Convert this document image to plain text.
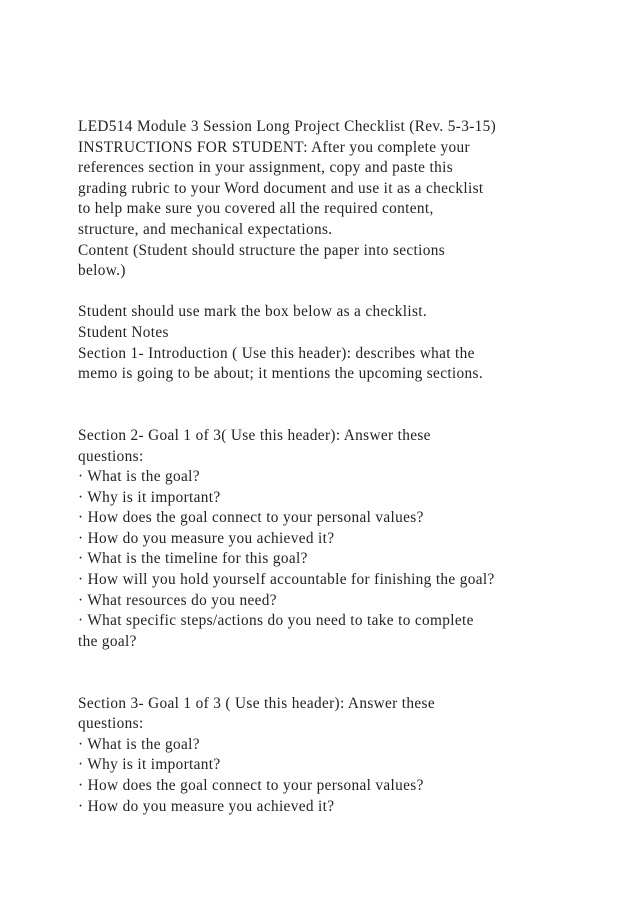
LED514 Module 3 Session Long Project Checklist (Rev. 5-3-15)
INSTRUCTIONS FOR STUDENT: After you complete your
references section in your assignment, copy and paste this
grading rubric to your Word document and use it as a checklist
to help make sure you covered all the required content,
structure, and mechanical expectations.
Content (Student should structure the paper into sections
below.)
Student should use mark the box below as a checklist.
Student Notes
Section 1- Introduction ( Use this header): describes what the
memo is going to be about; it mentions the upcoming sections.
Section 2- Goal 1 of 3( Use this header): Answer these
questions:
· What is the goal?
· Why is it important?
· How does the goal connect to your personal values?
· How do you measure you achieved it?
· What is the timeline for this goal?
· How will you hold yourself accountable for finishing the goal?
· What resources do you need?
· What specific steps/actions do you need to take to complete
the goal?
Section 3- Goal 1 of 3 ( Use this header): Answer these
questions:
· What is the goal?
· Why is it important?
· How does the goal connect to your personal values?
· How do you measure you achieved it?
